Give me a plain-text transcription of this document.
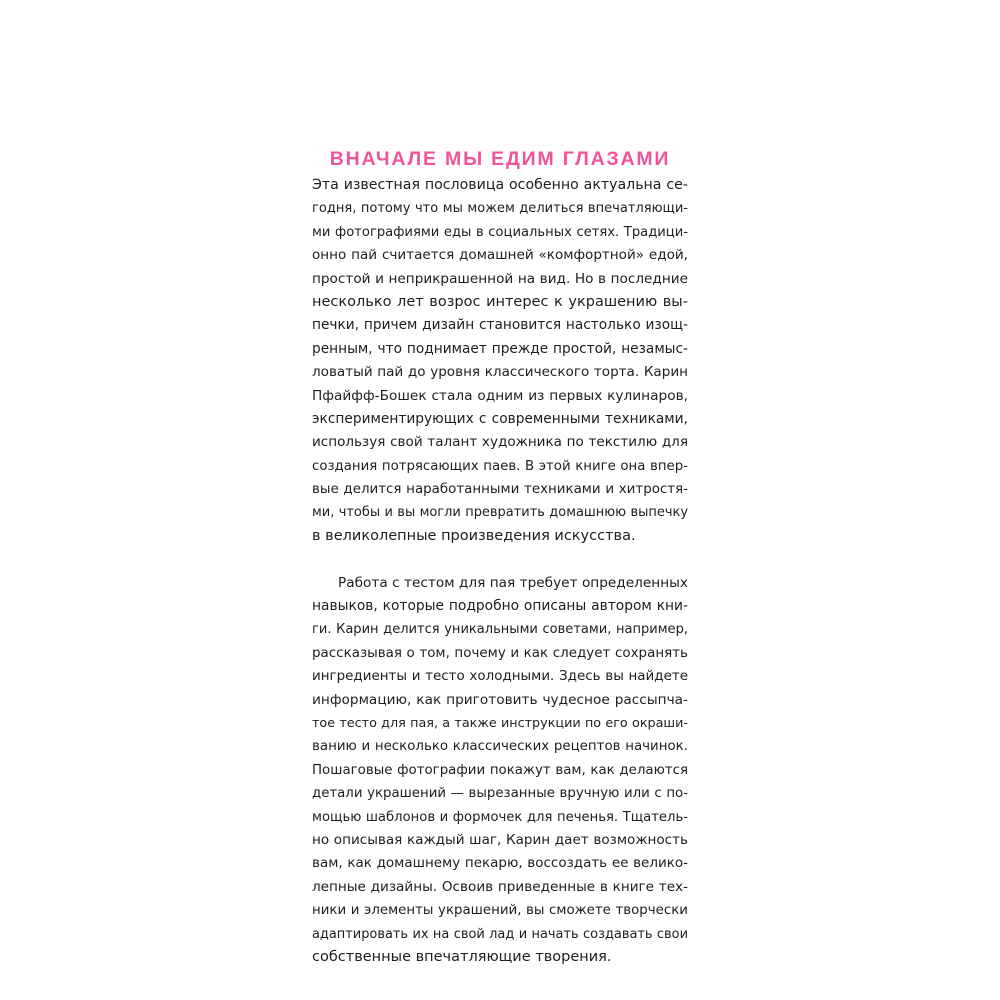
ВНАЧАЛЕ МЫ ЕДИМ ГЛАЗАМИ
Эта известная пословица особенно актуальна се-
годня, потому что мы можем делиться впечатляющи-
ми фотографиями еды в социальных сетях. Традици-
онно пай считается домашней «комфортной» едой,
простой и неприкрашенной на вид. Но в последние
несколько лет возрос интерес к украшению вы-
печки, причем дизайн становится настолько изощ-
ренным, что поднимает прежде простой, незамыс-
ловатый пай до уровня классического торта. Карин
Пфайфф-Бошек стала одним из первых кулинаров,
экспериментирующих с современными техниками,
используя свой талант художника по текстилю для
создания потрясающих паев. В этой книге она впер-
вые делится наработанными техниками и хитростя-
ми, чтобы и вы могли превратить домашнюю выпечку
в великолепные произведения искусства.
Работа с тестом для пая требует определенных
навыков, которые подробно описаны автором кни-
ги. Карин делится уникальными советами, например,
рассказывая о том, почему и как следует сохранять
ингредиенты и тесто холодными. Здесь вы найдете
информацию, как приготовить чудесное рассыпча-
тое тесто для пая, а также инструкции по его окраши-
ванию и несколько классических рецептов начинок.
Пошаговые фотографии покажут вам, как делаются
детали украшений — вырезанные вручную или с по-
мощью шаблонов и формочек для печенья. Тщатель-
но описывая каждый шаг, Карин дает возможность
вам, как домашнему пекарю, воссоздать ее велико-
лепные дизайны. Освоив приведенные в книге тех-
ники и элементы украшений, вы сможете творчески
адаптировать их на свой лад и начать создавать свои
собственные впечатляющие творения.
